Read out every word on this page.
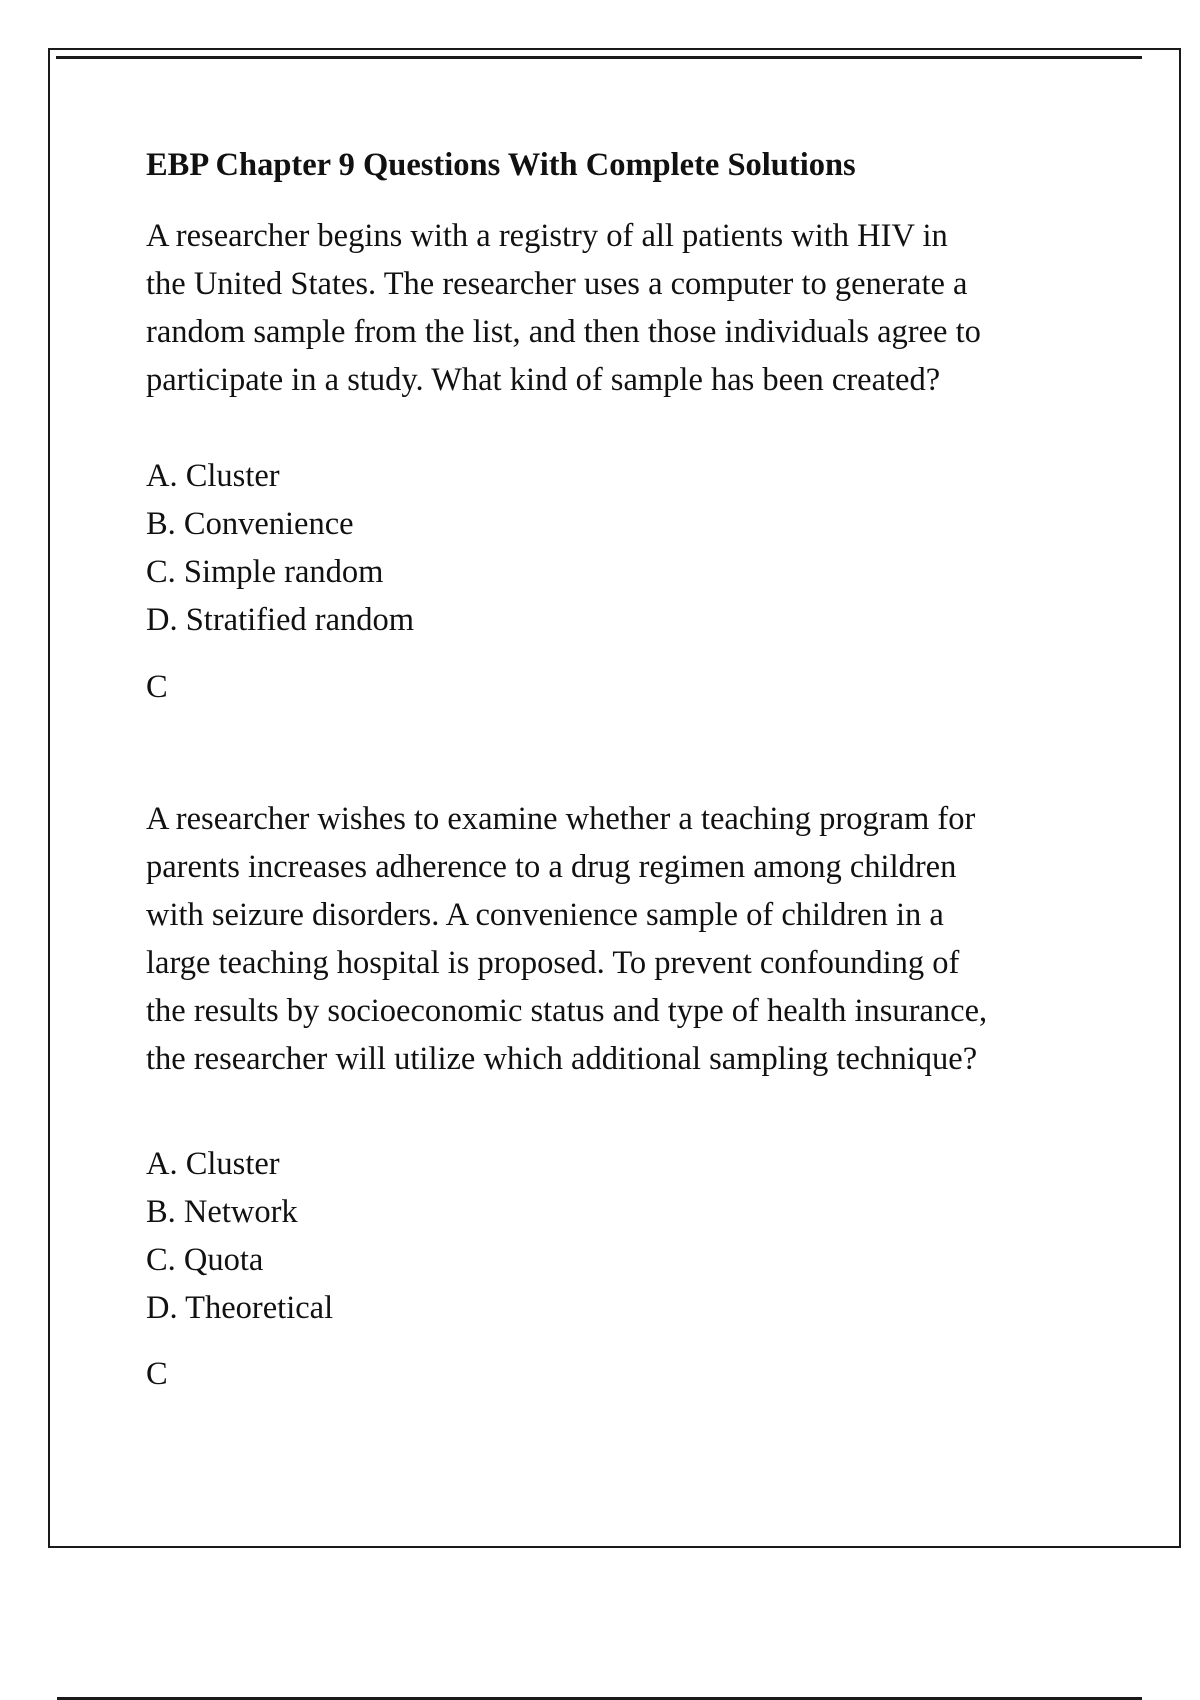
EBP Chapter 9 Questions With Complete Solutions
A researcher begins with a registry of all patients with HIV in
the United States. The researcher uses a computer to generate a
random sample from the list, and then those individuals agree to
participate in a study. What kind of sample has been created?
A. Cluster
B. Convenience
C. Simple random
D. Stratified random
C
A researcher wishes to examine whether a teaching program for
parents increases adherence to a drug regimen among children
with seizure disorders. A convenience sample of children in a
large teaching hospital is proposed. To prevent confounding of
the results by socioeconomic status and type of health insurance,
the researcher will utilize which additional sampling technique?
A. Cluster
B. Network
C. Quota
D. Theoretical
C
